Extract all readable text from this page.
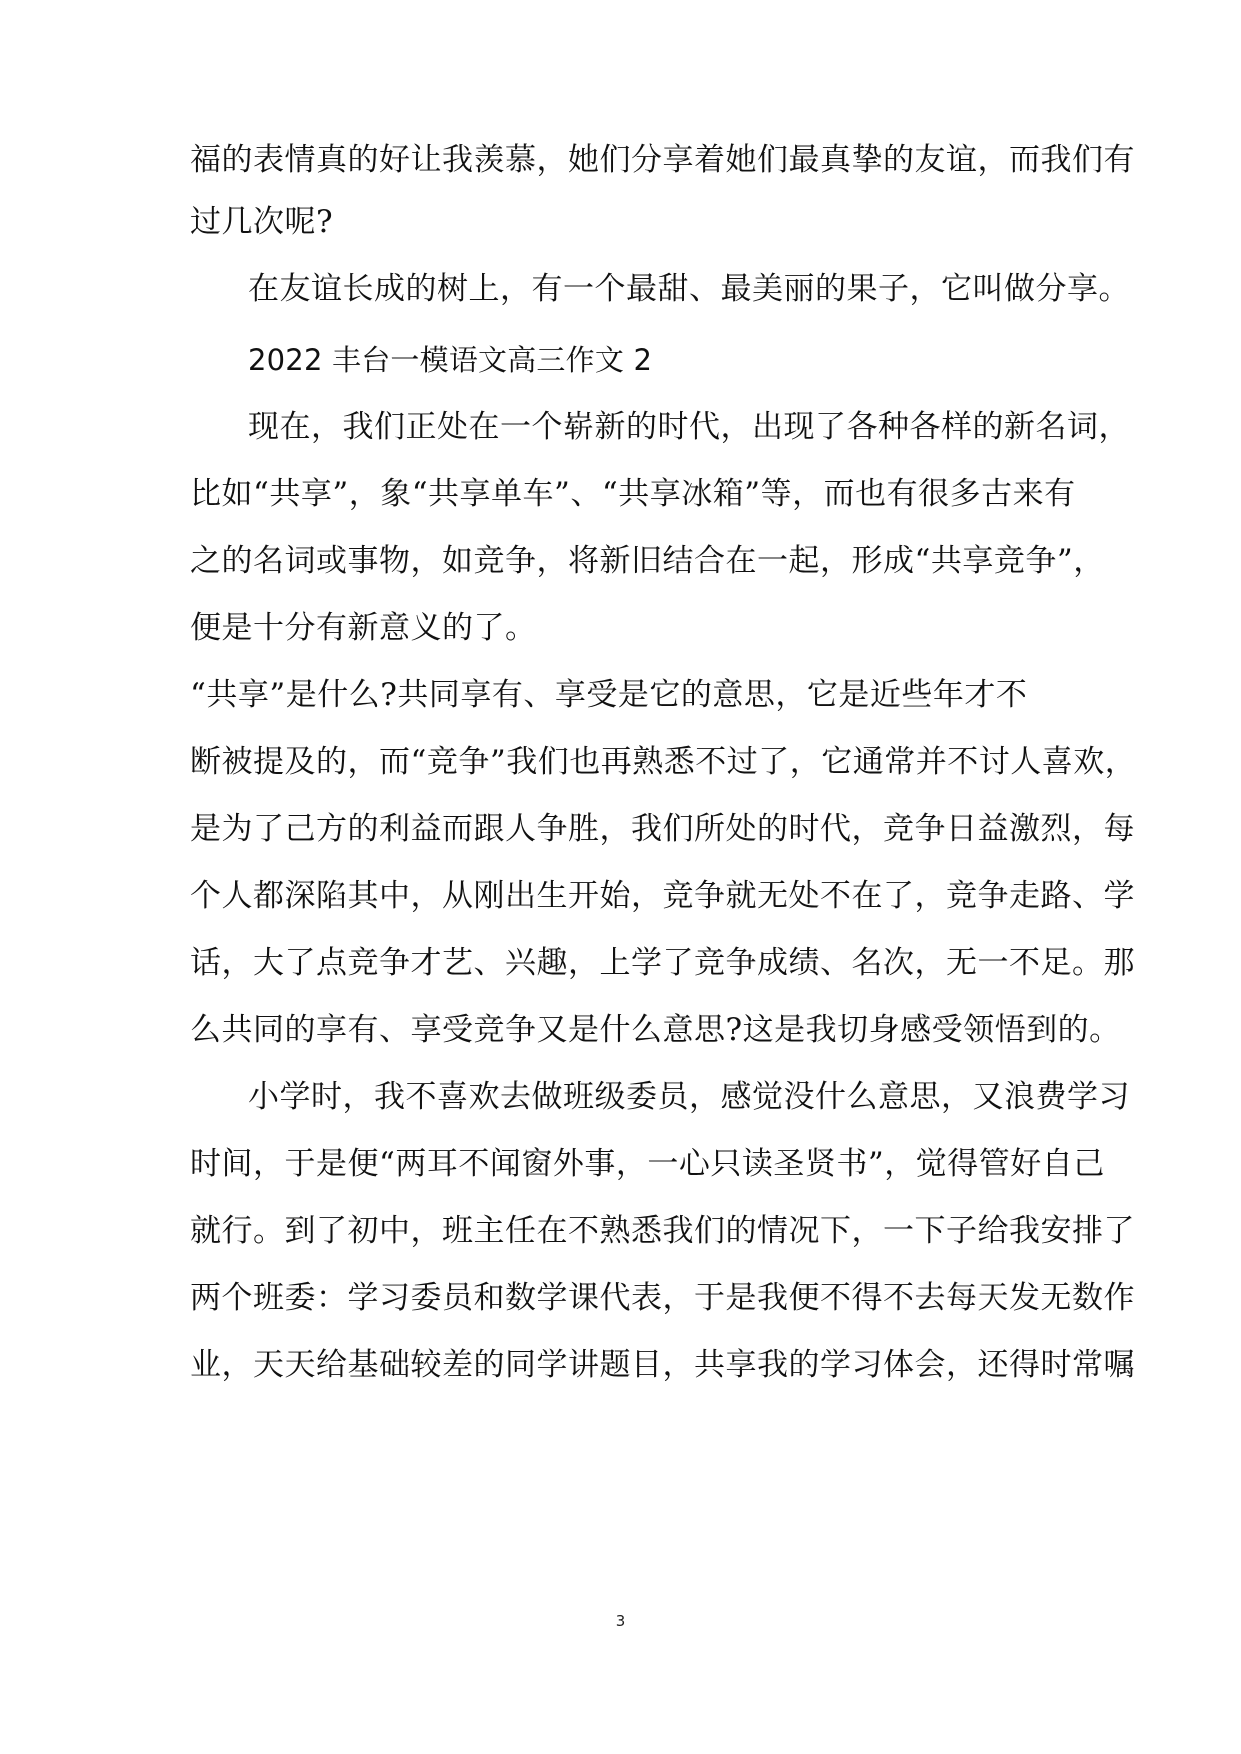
福的表情真的好让我羡慕，她们分享着她们最真挚的友谊，而我们有
过几次呢?
在友谊长成的树上，有一个最甜、最美丽的果子，它叫做分享。
2022 丰台一模语文高三作文 2
现在，我们正处在一个崭新的时代，出现了各种各样的新名词，
比如“共享”，象“共享单车”、“共享冰箱”等，而也有很多古来有
之的名词或事物，如竞争，将新旧结合在一起，形成“共享竞争”，
便是十分有新意义的了。
“共享”是什么?共同享有、享受是它的意思，它是近些年才不
断被提及的，而“竞争”我们也再熟悉不过了，它通常并不讨人喜欢，
是为了己方的利益而跟人争胜，我们所处的时代，竞争日益激烈，每
个人都深陷其中，从刚出生开始，竞争就无处不在了，竞争走路、学
话，大了点竞争才艺、兴趣，上学了竞争成绩、名次，无一不足。那
么共同的享有、享受竞争又是什么意思?这是我切身感受领悟到的。
小学时，我不喜欢去做班级委员，感觉没什么意思，又浪费学习
时间，于是便“两耳不闻窗外事，一心只读圣贤书”，觉得管好自己
就行。到了初中，班主任在不熟悉我们的情况下，一下子给我安排了
两个班委：学习委员和数学课代表，于是我便不得不去每天发无数作
业，天天给基础较差的同学讲题目，共享我的学习体会，还得时常嘱
3
